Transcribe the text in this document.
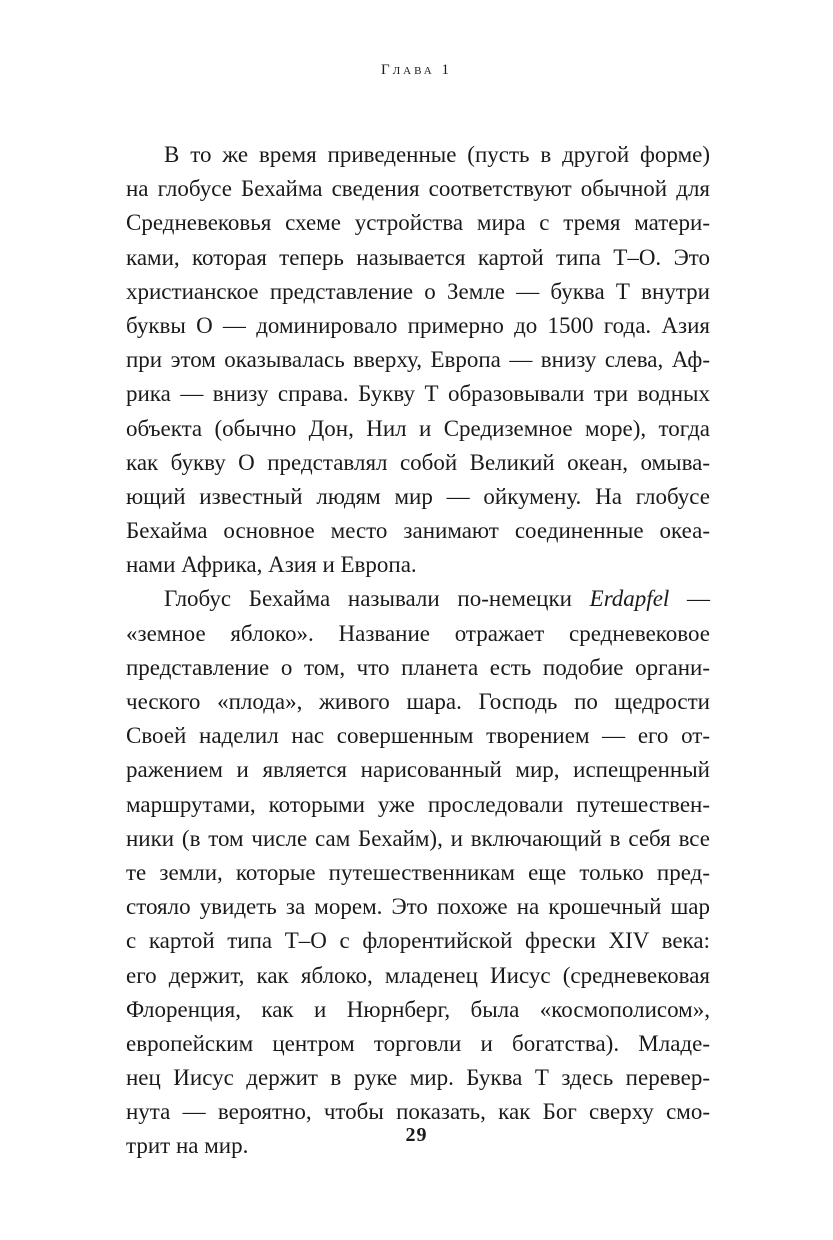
Глава 1
В то же время приведенные (пусть в другой форме)
на глобусе Бехайма сведения соответствуют обычной для
Средневековья схеме устройства мира с тремя матери-
ками, которая теперь называется картой типа Т–О. Это
христианское представление о Земле — буква Т внутри
буквы О — доминировало примерно до 1500 года. Азия
при этом оказывалась вверху, Европа — внизу слева, Аф-
рика — внизу справа. Букву Т образовывали три водных
объекта (обычно Дон, Нил и Средиземное море), тогда
как букву О представлял собой Великий океан, омыва-
ющий известный людям мир — ойкумену. На глобусе
Бехайма основное место занимают соединенные океа-
нами Африка, Азия и Европа.
Глобус Бехайма называли по-немецки Erdapfel —
«земное яблоко». Название отражает средневековое
представление о том, что планета есть подобие органи-
ческого «плода», живого шара. Господь по щедрости
Своей наделил нас совершенным творением — его от-
ражением и является нарисованный мир, испещренный
маршрутами, которыми уже проследовали путешествен-
ники (в том числе сам Бехайм), и включающий в себя все
те земли, которые путешественникам еще только пред-
стояло увидеть за морем. Это похоже на крошечный шар
с картой типа Т–О с флорентийской фрески XIV века:
его держит, как яблоко, младенец Иисус (средневековая
Флоренция, как и Нюрнберг, была «космополисом»,
европейским центром торговли и богатства). Младе-
нец Иисус держит в руке мир. Буква Т здесь перевер-
нута — вероятно, чтобы показать, как Бог сверху смо-
трит на мир.	29
